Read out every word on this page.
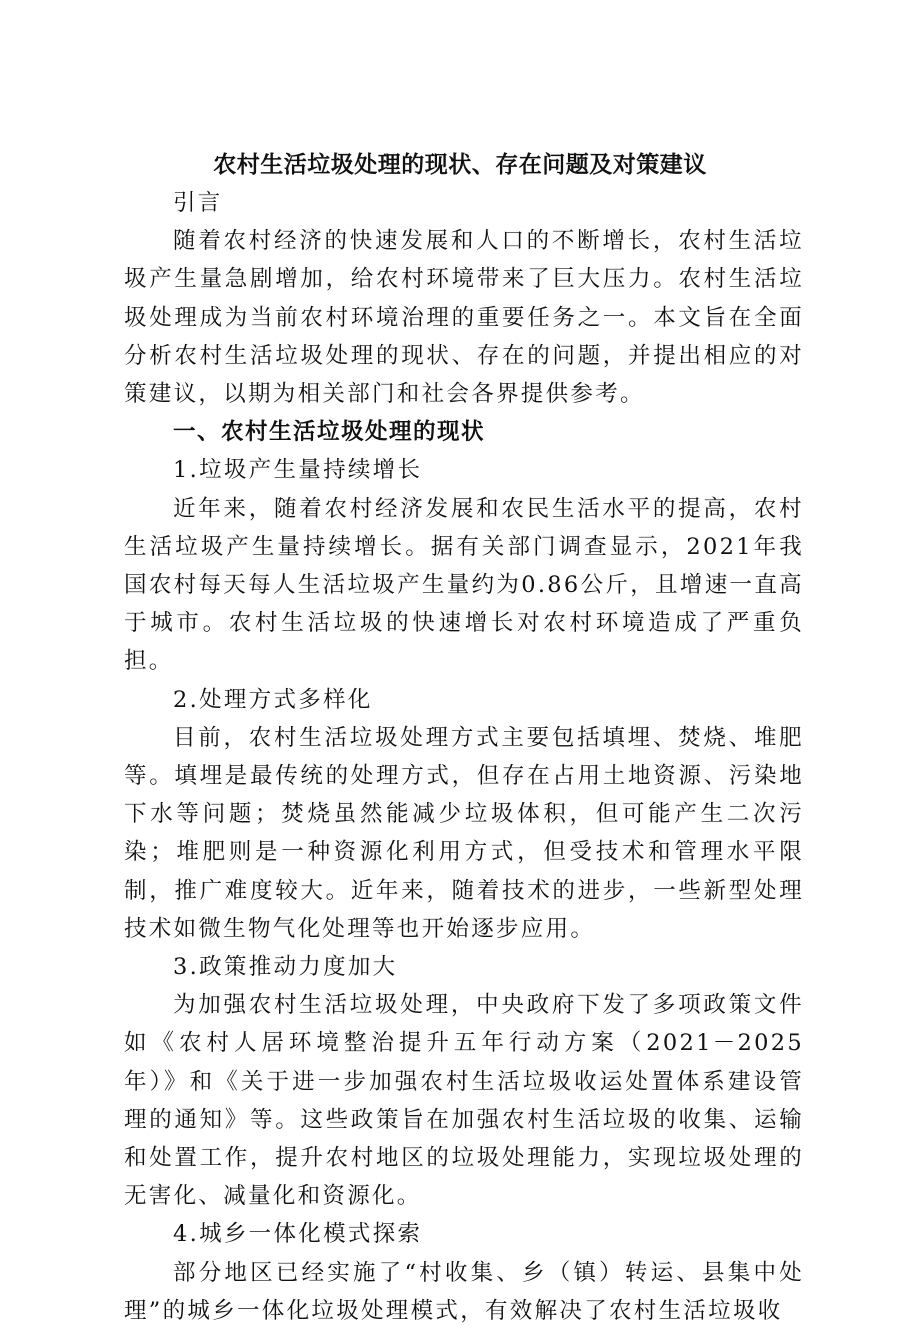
农村生活垃圾处理的现状、存在问题及对策建议

引言

随着农村经济的快速发展和人口的不断增长，农村生活垃圾产生量急剧增加，给农村环境带来了巨大压力。农村生活垃圾处理成为当前农村环境治理的重要任务之一。本文旨在全面分析农村生活垃圾处理的现状、存在的问题，并提出相应的对策建议，以期为相关部门和社会各界提供参考。

一、农村生活垃圾处理的现状

1.垃圾产生量持续增长

近年来，随着农村经济发展和农民生活水平的提高，农村生活垃圾产生量持续增长。据有关部门调查显示，2021年我国农村每天每人生活垃圾产生量约为0.86公斤，且增速一直高于城市。农村生活垃圾的快速增长对农村环境造成了严重负担。

2.处理方式多样化

目前，农村生活垃圾处理方式主要包括填埋、焚烧、堆肥等。填埋是最传统的处理方式，但存在占用土地资源、污染地下水等问题；焚烧虽然能减少垃圾体积，但可能产生二次污染；堆肥则是一种资源化利用方式，但受技术和管理水平限制，推广难度较大。近年来，随着技术的进步，一些新型处理技术如微生物气化处理等也开始逐步应用。

3.政策推动力度加大

为加强农村生活垃圾处理，中央政府下发了多项政策文件如《农村人居环境整治提升五年行动方案（2021－2025年）》和《关于进一步加强农村生活垃圾收运处置体系建设管理的通知》等。这些政策旨在加强农村生活垃圾的收集、运输和处置工作，提升农村地区的垃圾处理能力，实现垃圾处理的无害化、减量化和资源化。

4.城乡一体化模式探索

部分地区已经实施了“村收集、乡（镇）转运、县集中处理”的城乡一体化垃圾处理模式，有效解决了农村生活垃圾收
